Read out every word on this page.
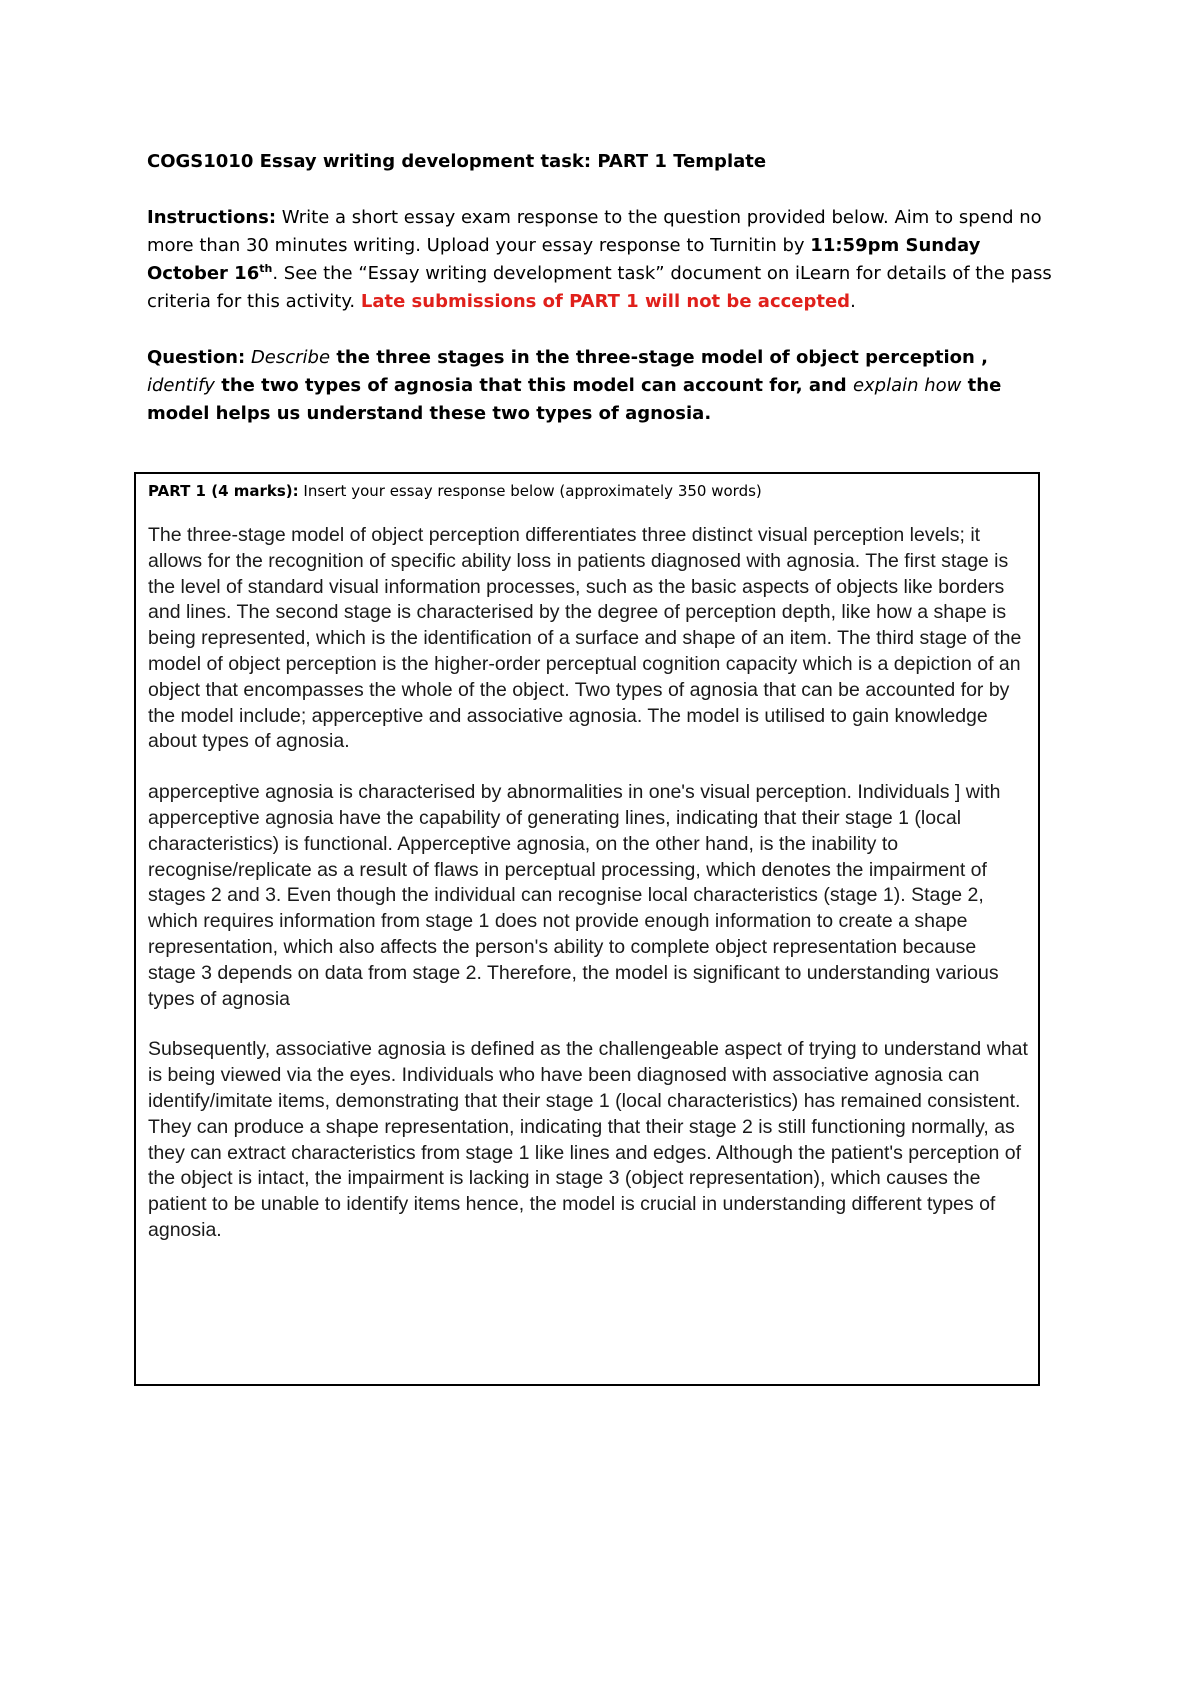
COGS1010 Essay writing development task: PART 1 Template
Instructions: Write a short essay exam response to the question provided below. Aim to spend no more than 30 minutes writing. Upload your essay response to Turnitin by 11:59pm Sunday October 16th. See the “Essay writing development task” document on iLearn for details of the pass criteria for this activity. Late submissions of PART 1 will not be accepted.
Question: Describe the three stages in the three-stage model of object perception , identify the two types of agnosia that this model can account for, and explain how the model helps us understand these two types of agnosia.
PART 1 (4 marks): Insert your essay response below (approximately 350 words)

The three-stage model of object perception differentiates three distinct visual perception levels; it allows for the recognition of specific ability loss in patients diagnosed with agnosia. The first stage is the level of standard visual information processes, such as the basic aspects of objects like borders and lines. The second stage is characterised by the degree of perception depth, like how a shape is being represented, which is the identification of a surface and shape of an item. The third stage of the model of object perception is the higher-order perceptual cognition capacity which is a depiction of an object that encompasses the whole of the object. Two types of agnosia that can be accounted for by the model include; apperceptive and associative agnosia. The model is utilised to gain knowledge about types of agnosia.

apperceptive agnosia is characterised by abnormalities in one's visual perception. Individuals ] with apperceptive agnosia have the capability of generating lines, indicating that their stage 1 (local characteristics) is functional. Apperceptive agnosia, on the other hand, is the inability to recognise/replicate as a result of flaws in perceptual processing, which denotes the impairment of stages 2 and 3. Even though the individual can recognise local characteristics (stage 1). Stage 2, which requires information from stage 1 does not provide enough information to create a shape representation, which also affects the person's ability to complete object representation because stage 3 depends on data from stage 2. Therefore, the model is significant to understanding various types of agnosia

Subsequently, associative agnosia is defined as the challengeable aspect of trying to understand what is being viewed via the eyes. Individuals who have been diagnosed with associative agnosia can identify/imitate items, demonstrating that their stage 1 (local characteristics) has remained consistent. They can produce a shape representation, indicating that their stage 2 is still functioning normally, as they can extract characteristics from stage 1 like lines and edges. Although the patient's perception of the object is intact, the impairment is lacking in stage 3 (object representation), which causes the patient to be unable to identify items hence, the model is crucial in understanding different types of agnosia.
